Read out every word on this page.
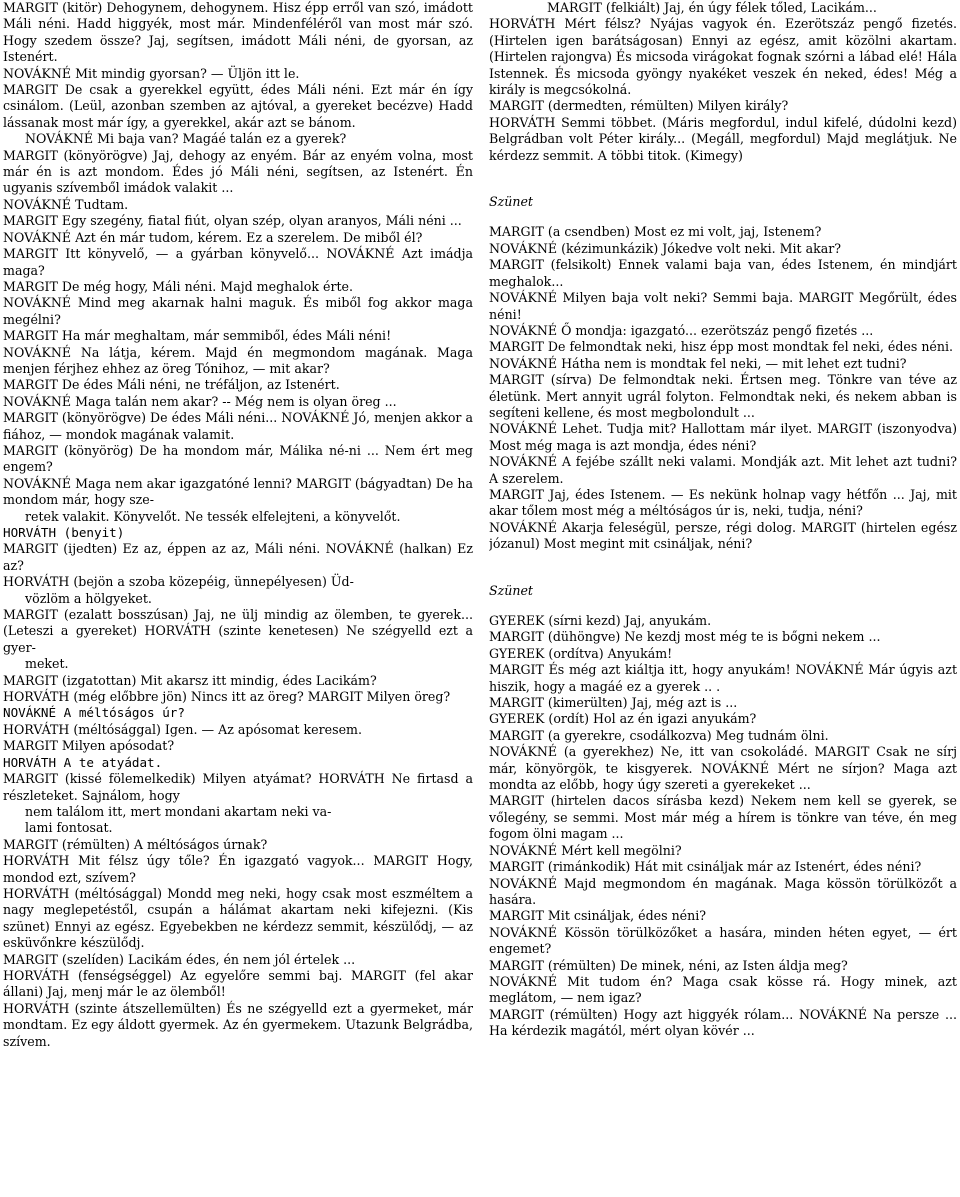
MARGIT (kitör) Dehogynem, dehogynem. Hisz épp erről van szó, imádott Máli néni. Hadd higgyék, most már. Mindenféléről van most már szó. Hogy szedem össze? Jaj, segítsen, imádott Máli néni, de gyorsan, az Istenért.

NOVÁKNÉ Mit mindig gyorsan? — Üljön itt le.

MARGIT De csak a gyerekkel együtt, édes Máli néni. Ezt már én így csinálom. (Leül, azonban szemben az ajtóval, a gyereket becézve) Hadd lássanak most már így, a gyerekkel, akár azt se bánom.

NOVÁKNÉ Mi baja van? Magáé talán ez a gyerek?

MARGIT (könyörögve) Jaj, dehogy az enyém. Bár az enyém volna, most már én is azt mondom. Édes jó Máli néni, segítsen, az Istenért. Én ugyanis szívemből imádok valakit ...

NOVÁKNÉ Tudtam.

MARGIT Egy szegény, fiatal fiút, olyan szép, olyan aranyos, Máli néni ...

NOVÁKNÉ Azt én már tudom, kérem. Ez a szerelem. De miből él?

MARGIT Itt könyvelő, — a gyárban könyvelő... NOVÁKNÉ Azt imádja maga?

MARGIT De még hogy, Máli néni. Majd meghalok érte.

NOVÁKNÉ Mind meg akarnak halni maguk. És miből fog akkor maga megélni?

MARGIT Ha már meghaltam, már semmiből, édes Máli néni!

NOVÁKNÉ Na látja, kérem. Majd én megmondom magának. Maga menjen férjhez ehhez az öreg Tónihoz, — mit akar?

MARGIT De édes Máli néni, ne tréfáljon, az Istenért.

NOVÁKNÉ Maga talán nem akar? -- Még nem is olyan öreg ...

MARGIT (könyörögve) De édes Máli néni... NOVÁKNÉ Jó, menjen akkor a fiához, — mondok magának valamit.

MARGIT (könyörög) De ha mondom már, Málika né-ni ... Nem ért meg engem?

NOVÁKNÉ Maga nem akar igazgatóné lenni? MARGIT (bágyadtan) De ha mondom már, hogy sze-

retek valakit. Könyvelőt. Ne tessék elfelejteni, a könyvelőt.

HORVÁTH (benyit)

MARGIT (ijedten) Ez az, éppen az az, Máli néni. NOVÁKNÉ (halkan) Ez az?

HORVÁTH (bejön a szoba közepéig, ünnepélyesen) Üd-

vözlöm a hölgyeket.

MARGIT (ezalatt bosszúsan) Jaj, ne ülj mindig az ölemben, te gyerek... (Leteszi a gyereket) HORVÁTH (szinte kenetesen) Ne szégyelld ezt a gyer-

meket.

MARGIT (izgatottan) Mit akarsz itt mindig, édes Lacikám?

HORVÁTH (még előbbre jön) Nincs itt az öreg? MARGIT Milyen öreg?

NOVÁKNÉ A méltóságos úr?

HORVÁTH (méltósággal) Igen. — Az apósomat keresem.

MARGIT Milyen apósodat?

HORVÁTH A te atyádat.

MARGIT (kissé fölemelkedik) Milyen atyámat? HORVÁTH Ne firtasd a részleteket. Sajnálom, hogy

nem találom itt, mert mondani akartam neki va-

lami fontosat.

MARGIT (rémülten) A méltóságos úrnak?

HORVÁTH Mit félsz úgy tőle? Én igazgató vagyok... MARGIT Hogy, mondod ezt, szívem?

HORVÁTH (méltósággal) Mondd meg neki, hogy csak most eszméltem a nagy meglepetéstől, csupán a hálámat akartam neki kifejezni. (Kis szünet) Ennyi az egész. Egyebekben ne kérdezz semmit, készülődj, — az esküvőnkre készülődj.

MARGIT (szelíden) Lacikám édes, én nem jól értelek ...

HORVÁTH (fenségséggel) Az egyelőre semmi baj. MARGIT (fel akar állani) Jaj, menj már le az ölemből!

HORVÁTH (szinte átszellemülten) És ne szégyelld ezt a gyermeket, már mondtam. Ez egy áldott gyermek. Az én gyermekem. Utazunk Belgrádba, szívem.

MARGIT (felkiált) Jaj, én úgy félek tőled, Lacikám...

HORVÁTH Mért félsz? Nyájas vagyok én. Ezerötszáz pengő fizetés. (Hirtelen igen barátságosan) Ennyi az egész, amit közölni akartam. (Hirtelen rajongva) És micsoda virágokat fognak szórni a lábad elé! Hála Istennek. És micsoda gyöngy nyakéket veszek én neked, édes! Még a király is megcsókolná.

MARGIT (dermedten, rémülten) Milyen király?

HORVÁTH Semmi többet. (Máris megfordul, indul kifelé, dúdolni kezd) Belgrádban volt Péter király... (Megáll, megfordul) Majd meglátjuk. Ne kérdezz semmit. A többi titok. (Kimegy)

Szünet

MARGIT (a csendben) Most ez mi volt, jaj, Istenem?

NOVÁKNÉ (kézimunkázik) Jókedve volt neki. Mit akar?

MARGIT (felsikolt) Ennek valami baja van, édes Istenem, én mindjárt meghalok...

NOVÁKNÉ Milyen baja volt neki? Semmi baja. MARGIT Megőrült, édes néni!

NOVÁKNÉ Ő mondja: igazgató... ezerötszáz pengő fizetés ...

MARGIT De felmondtak neki, hisz épp most mondtak fel neki, édes néni.

NOVÁKNÉ Hátha nem is mondtak fel neki, — mit lehet ezt tudni?

MARGIT (sírva) De felmondtak neki. Értsen meg. Tönkre van téve az életünk. Mert annyit ugrál folyton. Felmondtak neki, és nekem abban is segíteni kellene, és most megbolondult ...

NOVÁKNÉ Lehet. Tudja mit? Hallottam már ilyet. MARGIT (iszonyodva) Most még maga is azt mondja, édes néni?

NOVÁKNÉ A fejébe szállt neki valami. Mondják azt. Mit lehet azt tudni? A szerelem.

MARGIT Jaj, édes Istenem. — Es nekünk holnap vagy hétfőn ... Jaj, mit akar tőlem most még a méltóságos úr is, neki, tudja, néni?

NOVÁKNÉ Akarja feleségül, persze, régi dolog. MARGIT (hirtelen egész józanul) Most megint mit csináljak, néni?

Szünet

GYEREK (sírni kezd) Jaj, anyukám.

MARGIT (dühöngve) Ne kezdj most még te is bőgni nekem ...

GYEREK (ordítva) Anyukám!

MARGIT És még azt kiáltja itt, hogy anyukám! NOVÁKNÉ Már úgyis azt hiszik, hogy a magáé ez a gyerek .. .

MARGIT (kimerülten) Jaj, még azt is ...

GYEREK (ordít) Hol az én igazi anyukám?

MARGIT (a gyerekre, csodálkozva) Meg tudnám ölni.

NOVÁKNÉ (a gyerekhez) Ne, itt van csokoládé. MARGIT Csak ne sírj már, könyörgök, te kisgyerek. NOVÁKNÉ Mért ne sírjon? Maga azt mondta az előbb, hogy úgy szereti a gyerekeket ...

MARGIT (hirtelen dacos sírásba kezd) Nekem nem kell se gyerek, se vőlegény, se semmi. Most már még a hírem is tönkre van téve, én meg fogom ölni magam ...

NOVÁKNÉ Mért kell megölni?

MARGIT (rimánkodik) Hát mit csináljak már az Istenért, édes néni?

NOVÁKNÉ Majd megmondom én magának. Maga kössön törülközőt a hasára.

MARGIT Mit csináljak, édes néni?

NOVÁKNÉ Kössön törülközőket a hasára, minden héten egyet, — ért engemet?

MARGIT (rémülten) De minek, néni, az Isten áldja meg?

NOVÁKNÉ Mit tudom én? Maga csak kösse rá. Hogy minek, azt meglátom, — nem igaz?

MARGIT (rémülten) Hogy azt higgyék rólam... NOVÁKNÉ Na persze ... Ha kérdezik magától, mért olyan kövér ...
